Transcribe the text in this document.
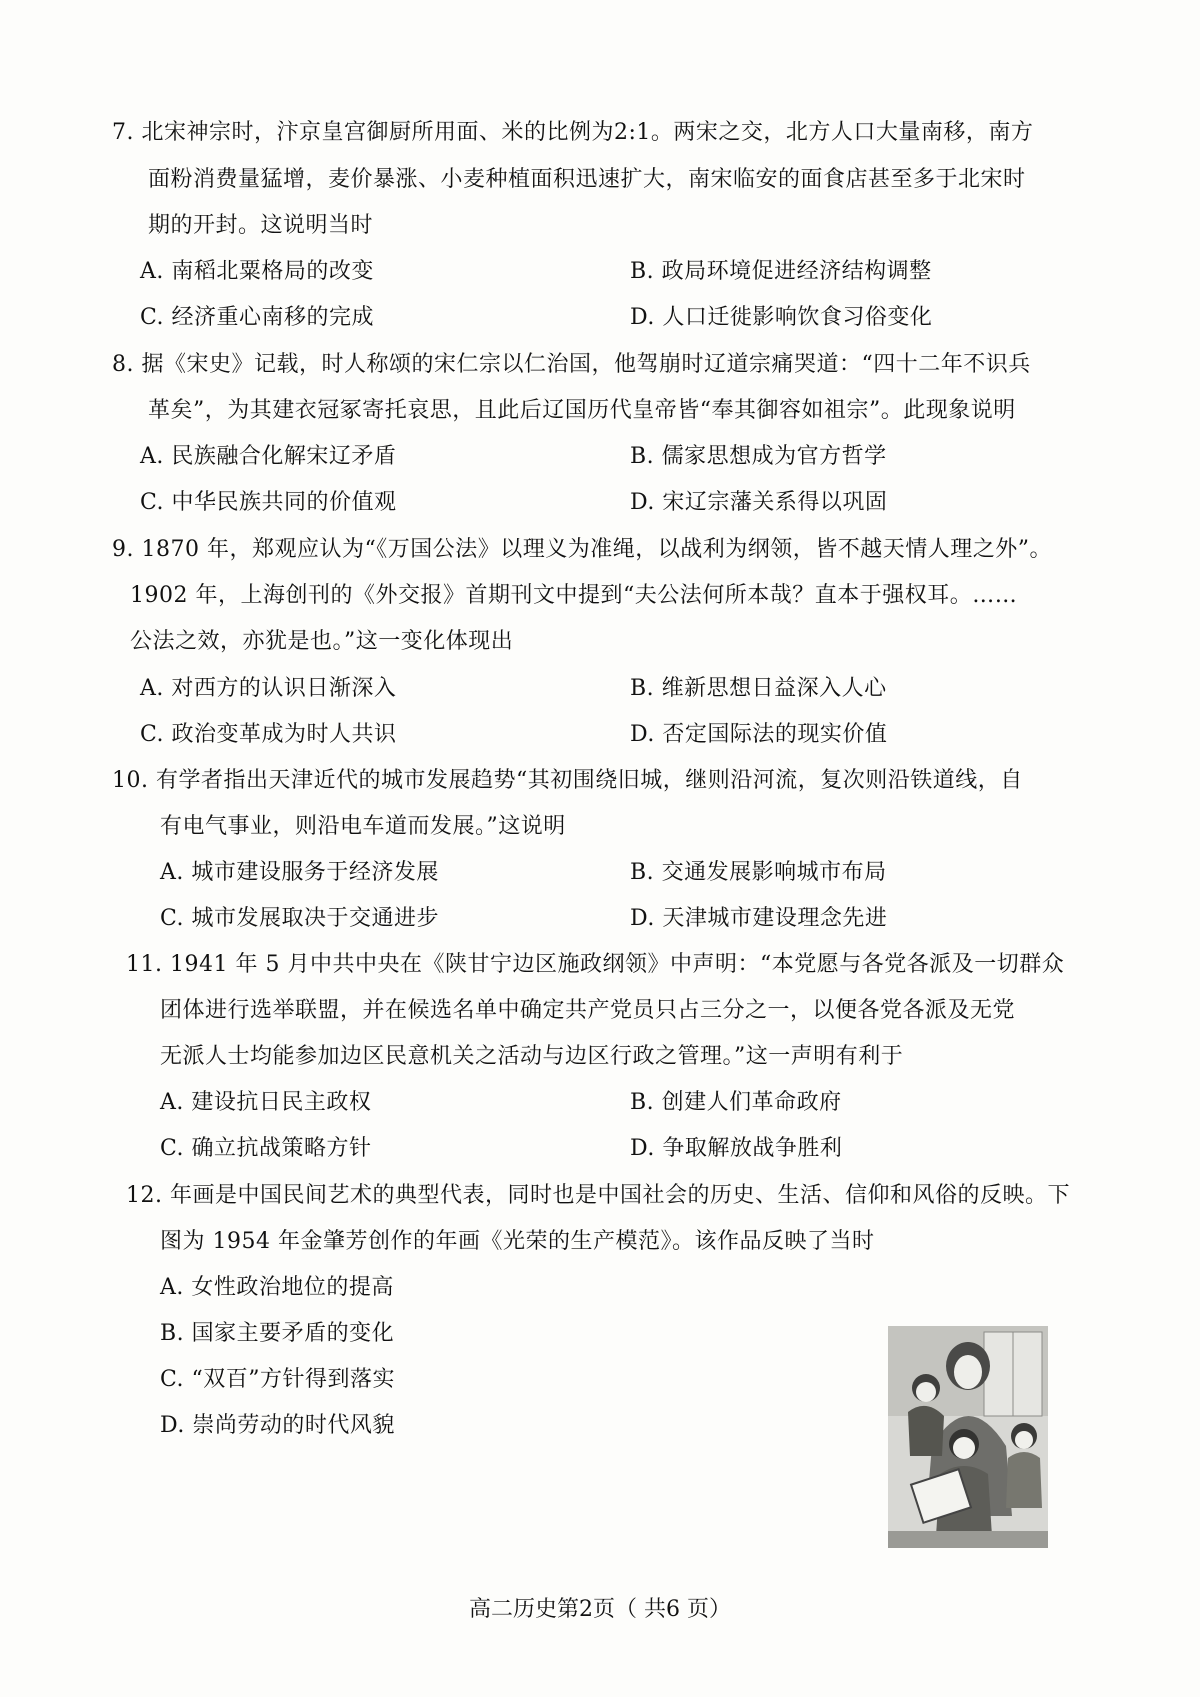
7. 北宋神宗时，汴京皇宫御厨所用面、米的比例为2:1。两宋之交，北方人口大量南移，南方
面粉消费量猛增，麦价暴涨、小麦种植面积迅速扩大，南宋临安的面食店甚至多于北宋时
期的开封。这说明当时
A. 南稻北粟格局的改变	B. 政局环境促进经济结构调整
C. 经济重心南移的完成	D. 人口迁徙影响饮食习俗变化
8. 据《宋史》记载，时人称颂的宋仁宗以仁治国，他驾崩时辽道宗痛哭道：“四十二年不识兵
革矣”，为其建衣冠冢寄托哀思，且此后辽国历代皇帝皆“奉其御容如祖宗”。此现象说明
A. 民族融合化解宋辽矛盾	B. 儒家思想成为官方哲学
C. 中华民族共同的价值观	D. 宋辽宗藩关系得以巩固
9. 1870 年，郑观应认为“《万国公法》以理义为准绳，以战利为纲领，皆不越天情人理之外”。
1902 年，上海创刊的《外交报》首期刊文中提到“夫公法何所本哉？直本于强权耳。……
公法之效，亦犹是也。”这一变化体现出
A. 对西方的认识日渐深入	B. 维新思想日益深入人心
C. 政治变革成为时人共识	D. 否定国际法的现实价值
10. 有学者指出天津近代的城市发展趋势“其初围绕旧城，继则沿河流，复次则沿铁道线，自
有电气事业，则沿电车道而发展。”这说明
A. 城市建设服务于经济发展	B. 交通发展影响城市布局
C. 城市发展取决于交通进步	D. 天津城市建设理念先进
11. 1941 年 5 月中共中央在《陕甘宁边区施政纲领》中声明：“本党愿与各党各派及一切群众
团体进行选举联盟，并在候选名单中确定共产党员只占三分之一，以便各党各派及无党
无派人士均能参加边区民意机关之活动与边区行政之管理。”这一声明有利于
A. 建设抗日民主政权	B. 创建人们革命政府
C. 确立抗战策略方针	D. 争取解放战争胜利
12. 年画是中国民间艺术的典型代表，同时也是中国社会的历史、生活、信仰和风俗的反映。下
图为 1954 年金肇芳创作的年画《光荣的生产模范》。该作品反映了当时
A. 女性政治地位的提高
B. 国家主要矛盾的变化
C. “双百”方针得到落实
D. 崇尚劳动的时代风貌
高二历史第2页（ 共6 页）
